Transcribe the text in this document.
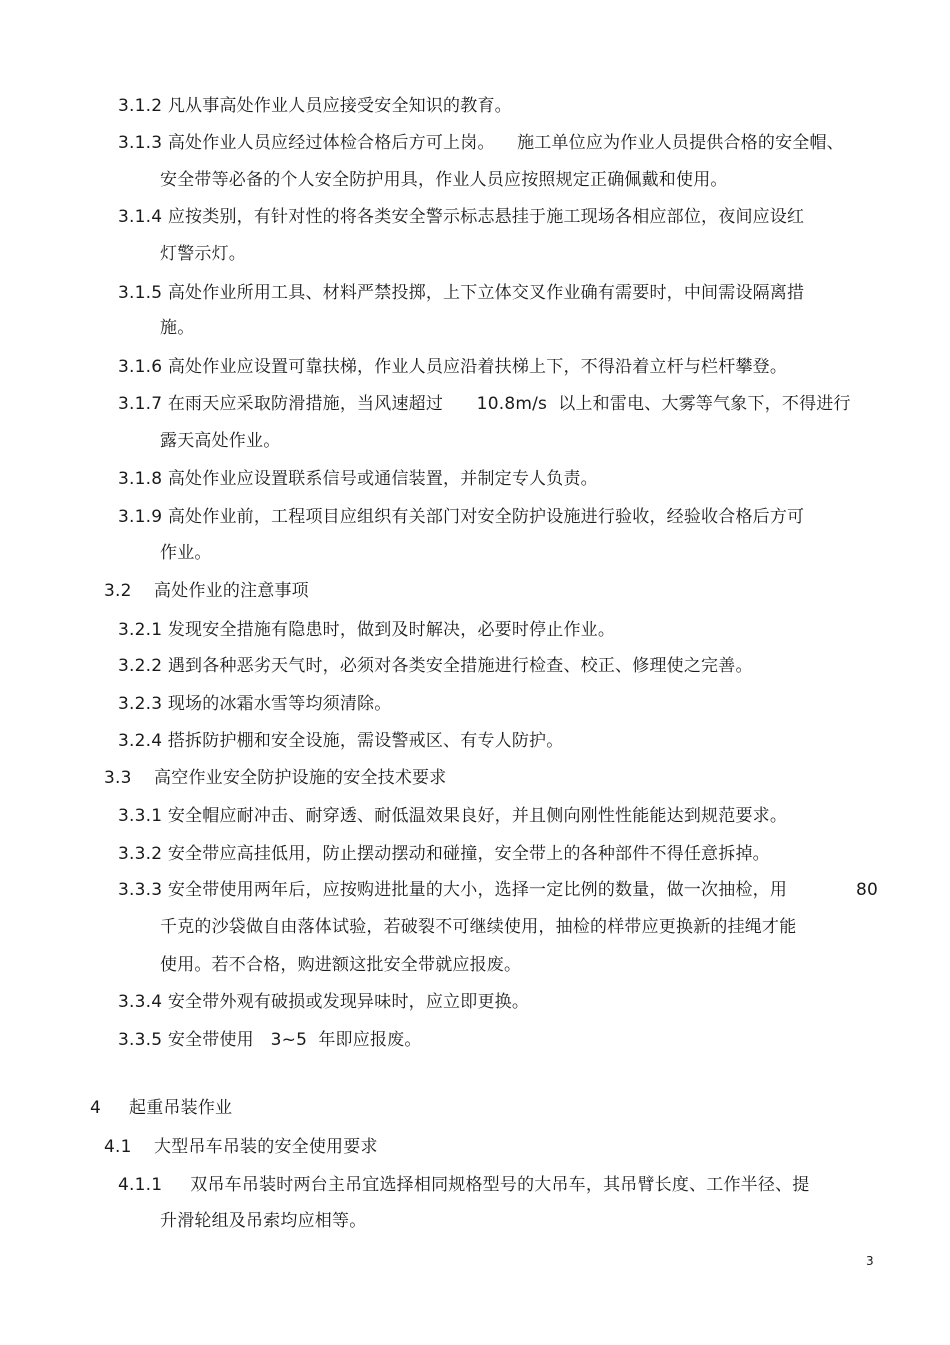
3.1.2 凡从事高处作业人员应接受安全知识的教育。
3.1.3 高处作业人员应经过体检合格后方可上岗。    施工单位应为作业人员提供合格的安全帽、
安全带等必备的个人安全防护用具，作业人员应按照规定正确佩戴和使用。
3.1.4 应按类别，有针对性的将各类安全警示标志悬挂于施工现场各相应部位，夜间应设红
灯警示灯。
3.1.5 高处作业所用工具、材料严禁投掷，上下立体交叉作业确有需要时，中间需设隔离措
施。
3.1.6 高处作业应设置可靠扶梯，作业人员应沿着扶梯上下，不得沿着立杆与栏杆攀登。
3.1.7 在雨天应采取防滑措施，当风速超过      10.8m/s  以上和雷电、大雾等气象下，不得进行
露天高处作业。
3.1.8 高处作业应设置联系信号或通信装置，并制定专人负责。
3.1.9 高处作业前，工程项目应组织有关部门对安全防护设施进行验收，经验收合格后方可
作业。
3.2    高处作业的注意事项
3.2.1 发现安全措施有隐患时，做到及时解决，必要时停止作业。
3.2.2 遇到各种恶劣天气时，必须对各类安全措施进行检查、校正、修理使之完善。
3.2.3 现场的冰霜水雪等均须清除。
3.2.4 搭拆防护棚和安全设施，需设警戒区、有专人防护。
3.3    高空作业安全防护设施的安全技术要求
3.3.1 安全帽应耐冲击、耐穿透、耐低温效果良好，并且侧向刚性性能能达到规范要求。
3.3.2 安全带应高挂低用，防止摆动摆动和碰撞，安全带上的各种部件不得任意拆掉。
3.3.3 安全带使用两年后，应按购进批量的大小，选择一定比例的数量，做一次抽检，用	80
千克的沙袋做自由落体试验，若破裂不可继续使用，抽检的样带应更换新的挂绳才能
使用。若不合格，购进额这批安全带就应报废。
3.3.4 安全带外观有破损或发现异味时，应立即更换。
3.3.5 安全带使用   3~5  年即应报废。
4     起重吊装作业
4.1    大型吊车吊装的安全使用要求
4.1.1     双吊车吊装时两台主吊宜选择相同规格型号的大吊车，其吊臂长度、工作半径、提
升滑轮组及吊索均应相等。
3
